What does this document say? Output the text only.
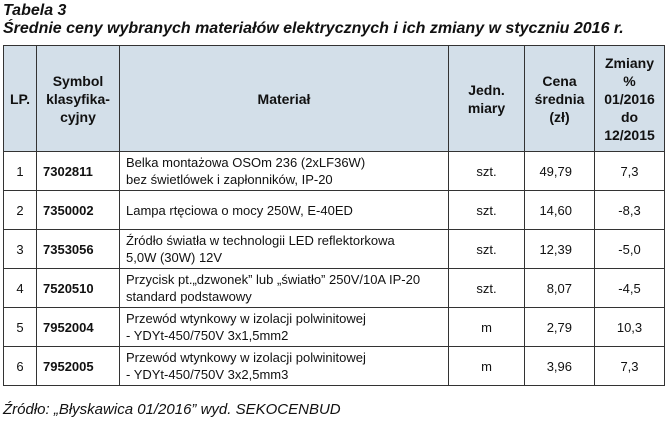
Tabela 3
Średnie ceny wybranych materiałów elektrycznych i ich zmiany w styczniu 2016 r.
LP.	Symbol
klasyfika-
cyjny	Materiał	Jedn.
miary	Cena
średnia
(zł)	Zmiany
%
01/2016
do
12/2015

1	7302811	Belka montażowa OSOm 236 (2xLF36W)
bez świetlówek i zapłonników, IP-20	szt.	49,79	7,3
2	7350002	Lampa rtęciowa o mocy 250W, E-40ED	szt.	14,60	-8,3
3	7353056	Źródło światła w technologii LED reflektorkowa
5,0W (30W) 12V	szt.	12,39	-5,0
4	7520510	Przycisk pt.„dzwonek” lub „światło” 250V/10A IP-20
standard podstawowy	szt.	8,07	-4,5
5	7952004	Przewód wtynkowy w izolacji polwinitowej
- YDYt-450/750V 3x1,5mm2	m	2,79	10,3
6	7952005	Przewód wtynkowy w izolacji polwinitowej
- YDYt-450/750V 3x2,5mm3	m	3,96	7,3
Źródło: „Błyskawica 01/2016” wyd. SEKOCENBUD
